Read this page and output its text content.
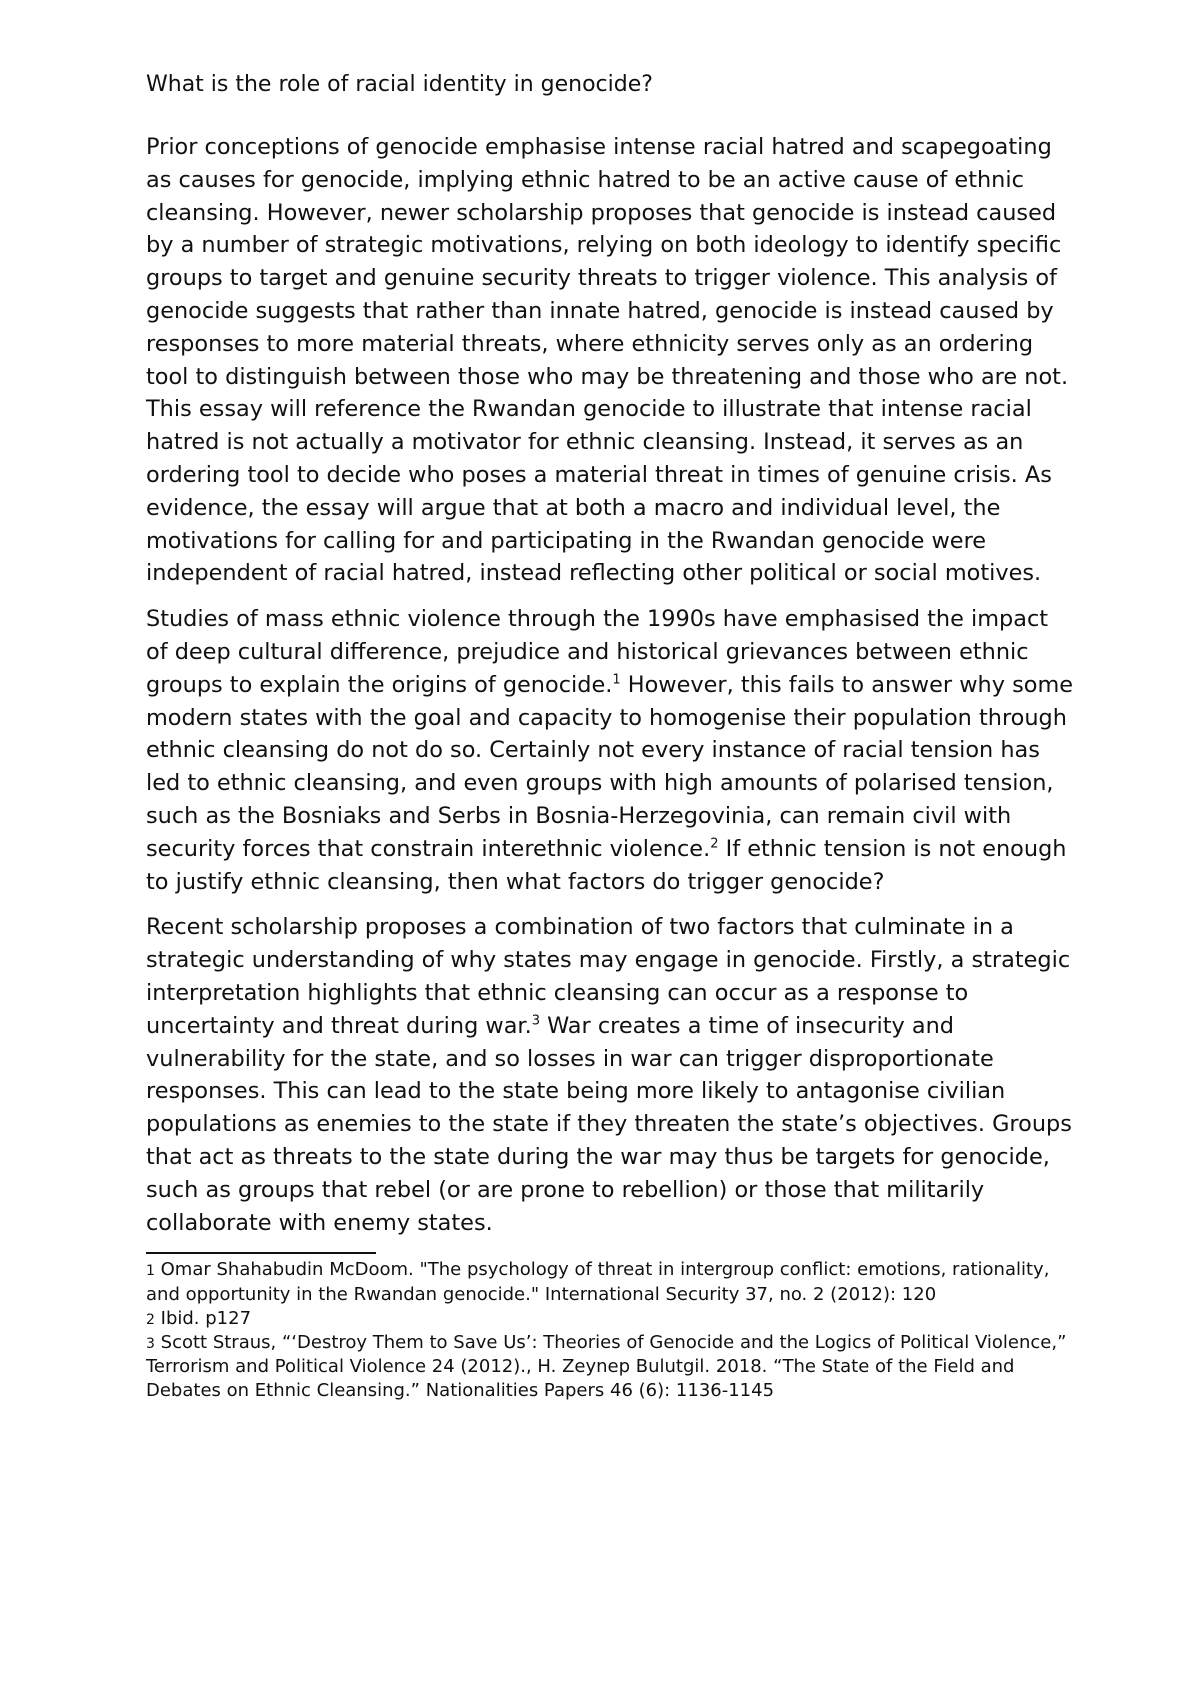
What is the role of racial identity in genocide?

Prior conceptions of genocide emphasise intense racial hatred and scapegoating as causes for genocide, implying ethnic hatred to be an active cause of ethnic cleansing. However, newer scholarship proposes that genocide is instead caused by a number of strategic motivations, relying on both ideology to identify specific groups to target and genuine security threats to trigger violence. This analysis of genocide suggests that rather than innate hatred, genocide is instead caused by responses to more material threats, where ethnicity serves only as an ordering tool to distinguish between those who may be threatening and those who are not. This essay will reference the Rwandan genocide to illustrate that intense racial hatred is not actually a motivator for ethnic cleansing. Instead, it serves as an ordering tool to decide who poses a material threat in times of genuine crisis. As evidence, the essay will argue that at both a macro and individual level, the motivations for calling for and participating in the Rwandan genocide were independent of racial hatred, instead reflecting other political or social motives.

Studies of mass ethnic violence through the 1990s have emphasised the impact of deep cultural difference, prejudice and historical grievances between ethnic groups to explain the origins of genocide.$^1$ However, this fails to answer why some modern states with the goal and capacity to homogenise their population through ethnic cleansing do not do so. Certainly not every instance of racial tension has led to ethnic cleansing, and even groups with high amounts of polarised tension, such as the Bosniaks and Serbs in Bosnia-Herzegovinia, can remain civil with security forces that constrain interethnic violence.$^2$ If ethnic tension is not enough to justify ethnic cleansing, then what factors do trigger genocide?

Recent scholarship proposes a combination of two factors that culminate in a strategic understanding of why states may engage in genocide. Firstly, a strategic interpretation highlights that ethnic cleansing can occur as a response to uncertainty and threat during war.$^3$ War creates a time of insecurity and vulnerability for the state, and so losses in war can trigger disproportionate responses. This can lead to the state being more likely to antagonise civilian populations as enemies to the state if they threaten the state’s objectives. Groups that act as threats to the state during the war may thus be targets for genocide, such as groups that rebel (or are prone to rebellion) or those that militarily collaborate with enemy states.

$^1$ Omar Shahabudin McDoom. "The psychology of threat in intergroup conflict: emotions, rationality, and opportunity in the Rwandan genocide." International Security 37, no. 2 (2012): 120
$^2$ Ibid. p127
$^3$ Scott Straus, “‘Destroy Them to Save Us’: Theories of Genocide and the Logics of Political Violence,” Terrorism and Political Violence 24 (2012)., H. Zeynep Bulutgil. 2018. “The State of the Field and Debates on Ethnic Cleansing.” Nationalities Papers 46 (6): 1136-1145
